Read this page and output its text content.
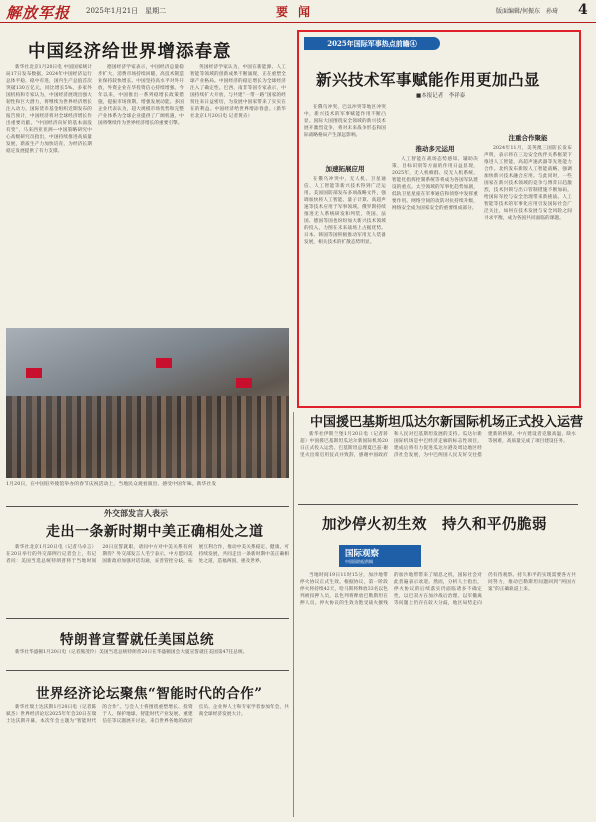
解放军报 2025年1月21日　星期二	要闻	版面编辑/何振东　孙琦 4
中国经济给世界增添春意

新华社北京1月20日电 中国国家统计局17日发布数据，2024年中国经济运行总体平稳、稳中有进，国内生产总值首次突破130万亿元，同比增长5%。多家外国机构和专家认为，中国经济展现出强大韧性和巨大潜力，将继续为世界经济增长注入动力。国际货币基金组织近期发布的报告预计，中国经济将对全球经济增长作出重要贡献。“中国经济向好的基本面没有变”，马来西亚亚洲—中国策略研究中心高级研究员指出，中国持续推进高质量发展，新质生产力加快培育，为经济长期稳定发展提供了有力支撑。

德国经济学家表示，中国经济总量稳步扩大，消费市场持续回暖，高技术制造业保持较快增长。中国坚持高水平对外开放，外资企业在华投资信心持续增强。今年以来，中国推出一系列稳增长政策措施，提振市场预期，增强发展动能。多国企业代表认为，超大规模市场优势和完整产业体系为全球企业提供了广阔机遇，中国将继续作为世界经济增长的重要引擎。

英国经济学家认为，中国在新能源、人工智能等领域的创新成果不断涌现，正在重塑全球产业格局。中国经济的稳定增长为全球经济注入了确定性。巴西、南非等国专家表示，中国持续扩大开放，与共建“一带一路”国家的经贸往来日益密切，为发展中国家带来了实实在在的利益。中国经济给世界增添春意。（新华社北京1月20日电 记者黄垚）

1月20日，在中国驻外使馆举办的春节庆祝活动上，当地民众观看演出、感受中国年味。新华社发
2025年国际军事热点前瞻④
新兴技术军事赋能作用更加凸显
■本报记者　李祥泰

在俄乌冲突、巴以冲突等地区冲突中，新兴技术的军事赋能作用不断凸显。国际大国围绕安全领域的新兴技术展开激烈竞争，将对未来战争形态和国际战略格局产生深远影响。

加速拓展应用

在俄乌冲突中，无人机、卫星通信、人工智能等新兴技术得到广泛运用。美国国防部发布多项战略文件，强调加快将人工智能、量子计算、高超声速等技术应用于军事领域。俄罗斯持续推进无人系统研发和列装，英国、法国、德国等国也纷纷加大新兴技术领域的投入，力图在未来战场上占据优势。日本、韩国等国积极推动军用无人装备发展，相关技术的扩散态势明显。

推动多元运用

人工智能在战场态势感知、辅助决策、目标识别等方面的作用日益显现，2025年，无人机蜂群、反无人机系统、智能化指挥控制系统等将成为各国军队建设的重点。太空领域的军事化趋势加剧，低轨卫星星座在军事通信和侦察中发挥重要作用。网络空间的攻防对抗持续升级，网络安全成为国家安全的重要组成部分。

注重合作聚能

2024年11月，美英澳三国防长发布声明，表示将在三边安全伙伴关系框架下推进人工智能、高超声速武器等先进能力合作。北约发布新版人工智能战略，强调加快新兴技术融合应用。与此同时，一些国家在新兴技术领域的竞争与博弈日趋激烈，技术封锁与出口管制措施不断加码，给国际军控与安全治理带来新挑战。人工智能等技术的军事化应用引发国际社会广泛关注，如何在技术发展与安全风险之间寻求平衡，成为各国共同面临的课题。

中国援巴基斯坦瓜达尔新国际机场正式投入运营

新华社伊斯兰堡1月20日电（记者蒋超）中国援巴基斯坦瓜达尔新国际机场20日正式投入运营。巴基斯坦总理夏巴兹·谢里夫出席启用仪式并致辞，感谢中国政府和人民对巴基斯坦发展的支持。瓜达尔新国际机场是中巴经济走廊的标志性项目，建成后将有力促进瓜达尔港及周边地区经济社会发展，为中巴两国人民友好交往搭建新的桥梁。中方建设者克服高温、缺水等困难，高质量完成了项目建设任务。

加沙停火初生效　持久和平仍脆弱
国际观察
中国国防报供稿

当地时间19日11时15分，加沙地带停火协议正式生效。根据协议，第一阶段停火将持续42天，哈马斯将释放33名以色列被扣押人员，以色列将释放巴勒斯坦在押人员。停火协议的生效为饱受战火摧残的加沙地带带来了喘息之机，国际社会对此普遍表示欢迎。然而，分析人士指出，停火协议的后续落实仍面临诸多不确定性，以巴双方在加沙战后治理、以军撤离等问题上仍存在较大分歧，地区局势走向仍有待观察。持久和平的实现需要各方共同努力，推动巴勒斯坦问题回到“两国方案”的正确轨道上来。

外交部发言人表示
走出一条新时期中美正确相处之道

新华社北京1月20日电（记者马卓言）在20日举行的外交部例行记者会上，有记者问：美国当选总统特朗普将于当地时间20日宣誓就职，请问中方对中美关系有何期待？外交部发言人毛宁表示，中方愿同美国新政府加强对话沟通，妥善管控分歧，拓展互利合作，推动中美关系稳定、健康、可持续发展，共同走出一条新时期中美正确相处之道，造福两国，惠及世界。

特朗普宣誓就任美国总统

新华社华盛顿1月20日电（记者熊茂伶）美国当选总统特朗普20日在华盛顿国会大厦宣誓就任美国第47任总统。

世界经济论坛聚焦“智能时代的合作”

新华社瑞士达沃斯1月20日电（记者陈斌杰）世界经济论坛2025年年会20日在瑞士达沃斯开幕，本次年会主题为“智能时代的合作”。与会人士将围绕重塑增长、投资于人、保护地球、智能时代产业发展、重建信任等议题展开讨论。来自世界各地的政府官员、企业界人士和专家学者参加年会，共商全球经济发展大计。
